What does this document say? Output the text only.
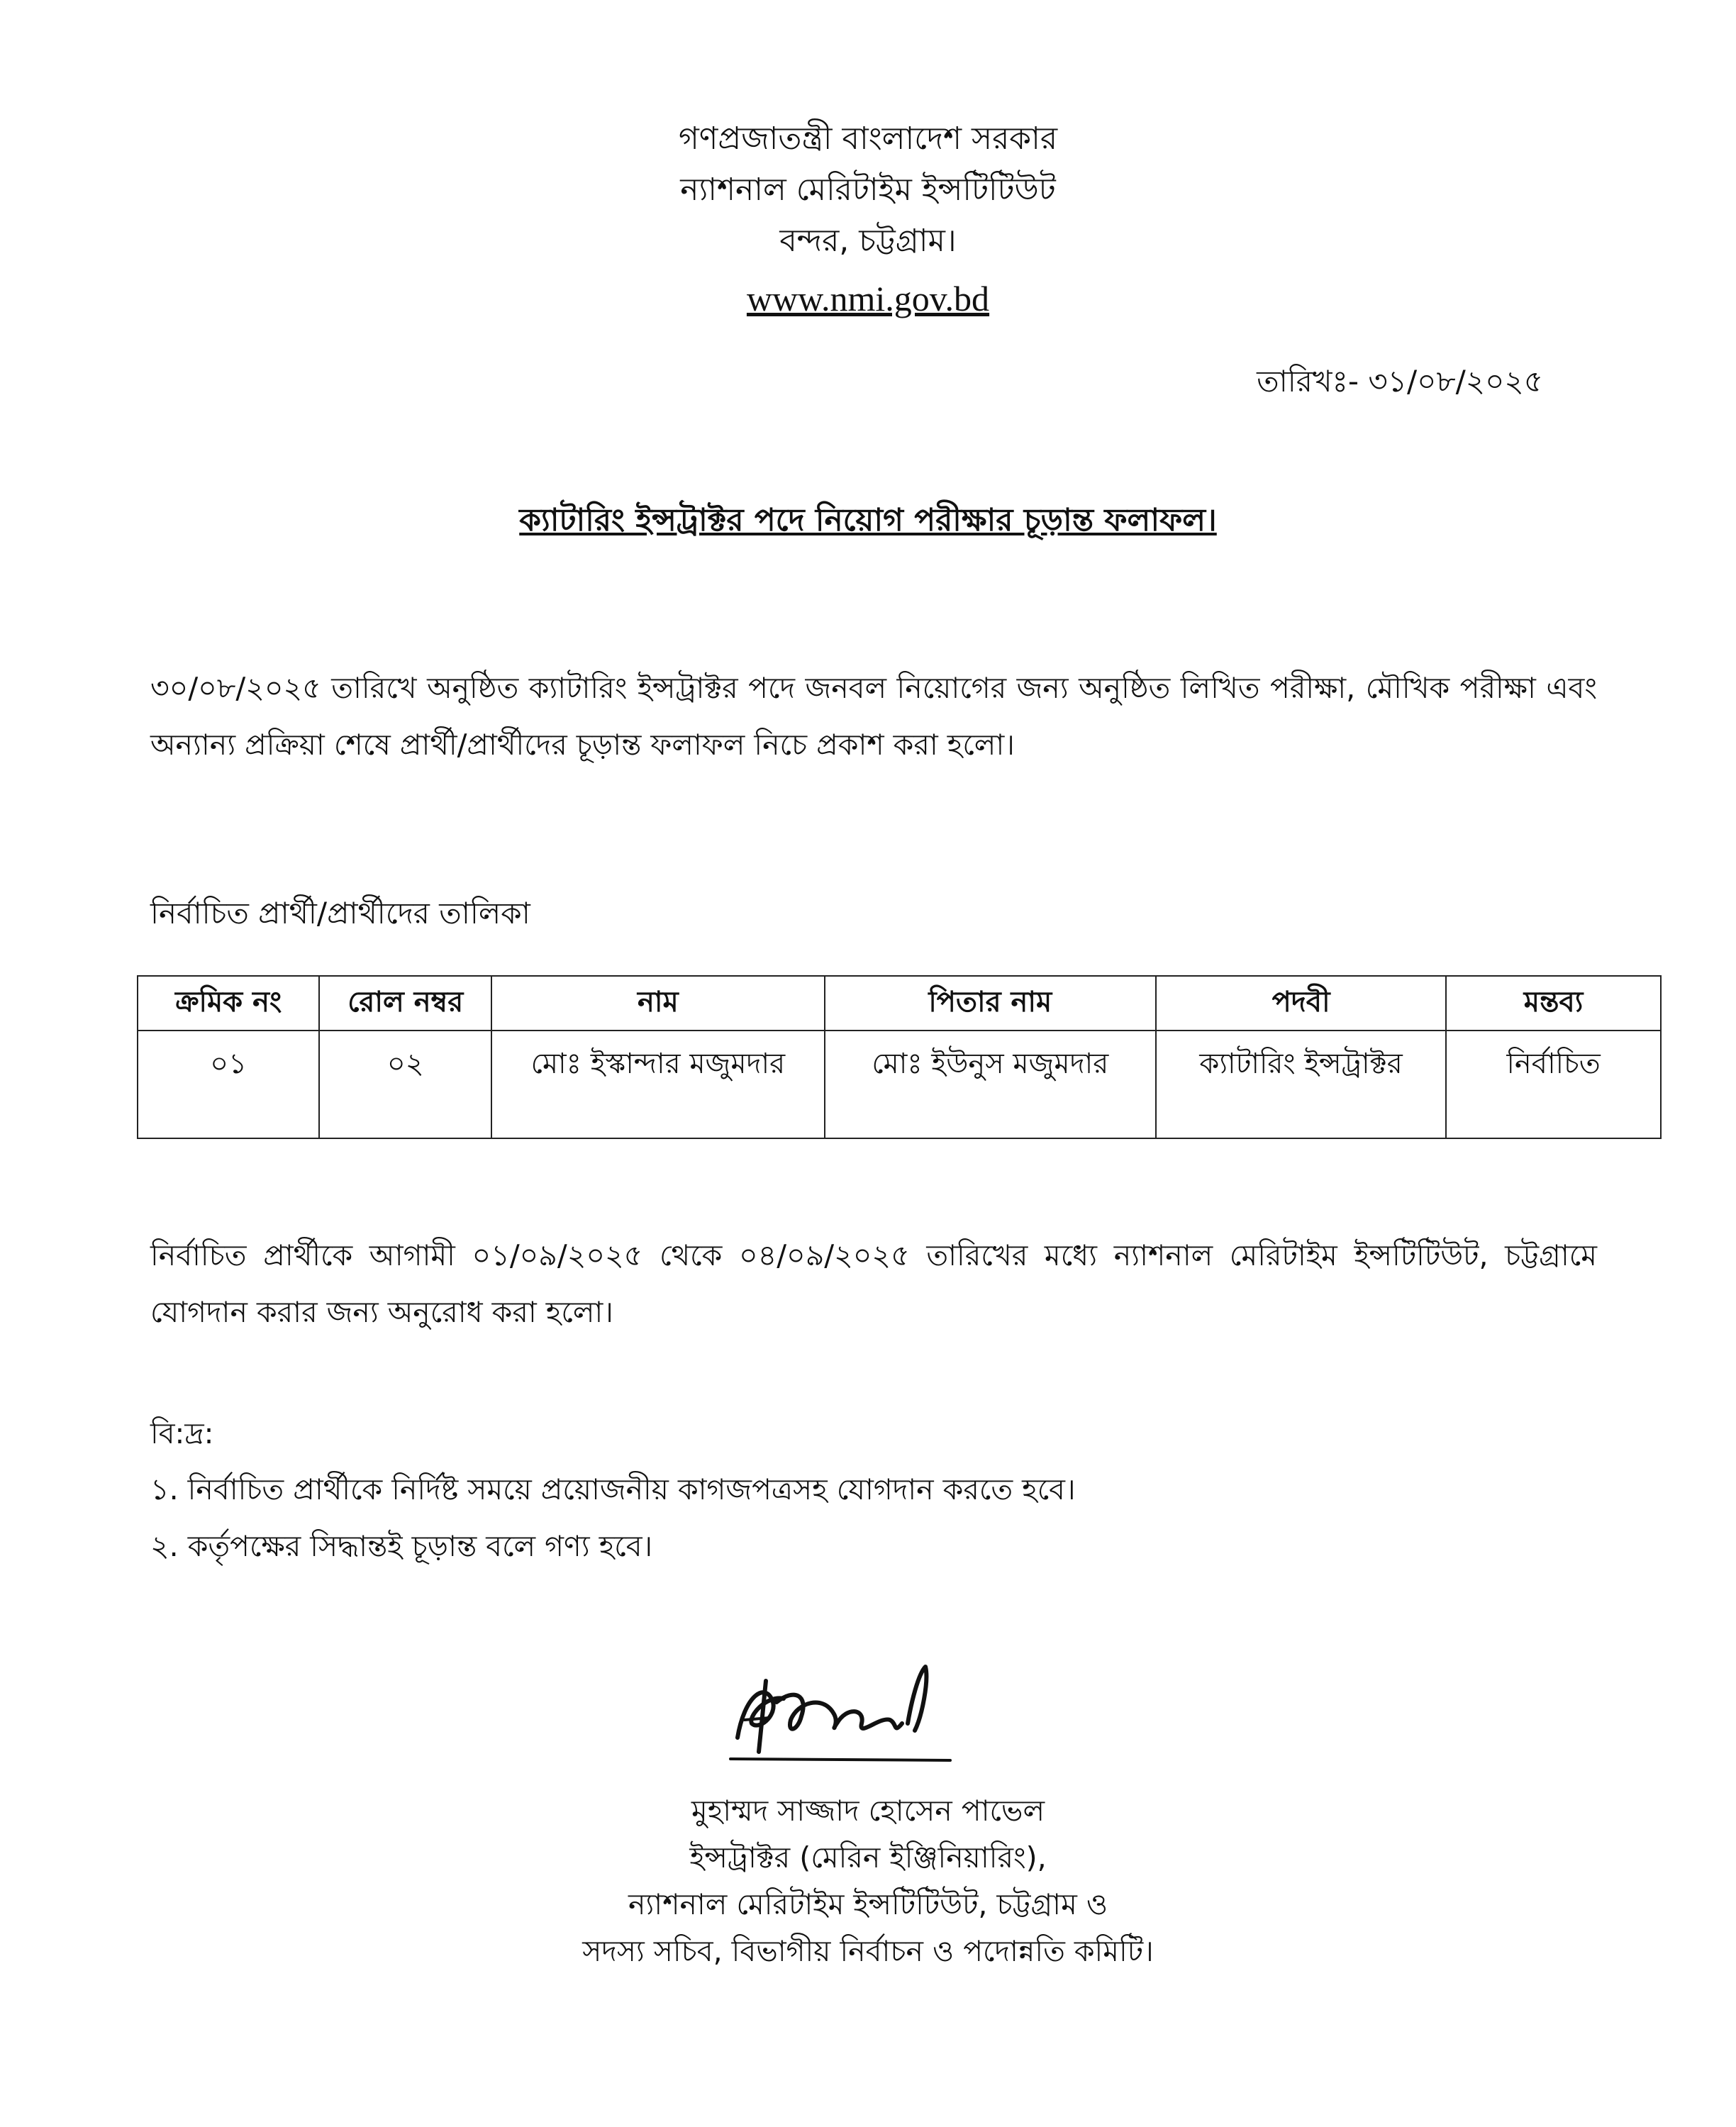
গণপ্রজাতন্ত্রী বাংলাদেশ সরকার
ন্যাশনাল মেরিটাইম ইন্সটিটিউট
বন্দর, চট্টগ্রাম।
www.nmi.gov.bd
তারিখঃ- ৩১/০৮/২০২৫
ক্যাটারিং ইন্সট্রাক্টর পদে নিয়োগ পরীক্ষার চূড়ান্ত ফলাফল।
৩০/০৮/২০২৫ তারিখে অনুষ্ঠিত ক্যাটারিং ইন্সট্রাক্টর পদে জনবল নিয়োগের জন্য অনুষ্ঠিত লিখিত পরীক্ষা, মৌখিক পরীক্ষা এবং অন্যান্য প্রক্রিয়া শেষে প্রার্থী/প্রার্থীদের চূড়ান্ত ফলাফল নিচে প্রকাশ করা হলো।
নির্বাচিত প্রার্থী/প্রার্থীদের তালিকা
ক্রমিক নং	রোল নম্বর	নাম	পিতার নাম	পদবী	মন্তব্য
০১	০২	মোঃ ইস্কান্দার মজুমদার	মোঃ ইউনুস মজুমদার	ক্যাটারিং ইন্সট্রাক্টর	নির্বাচিত
নির্বাচিত প্রার্থীকে আগামী ০১/০৯/২০২৫ থেকে ০৪/০৯/২০২৫ তারিখের মধ্যে ন্যাশনাল মেরিটাইম ইন্সটিটিউট, চট্টগ্রামে যোগদান করার জন্য অনুরোধ করা হলো।
বি:দ্র:
১. নির্বাচিত প্রার্থীকে নির্দিষ্ট সময়ে প্রয়োজনীয় কাগজপত্রসহ যোগদান করতে হবে।
২. কর্তৃপক্ষের সিদ্ধান্তই চূড়ান্ত বলে গণ্য হবে।
মুহাম্মদ সাজ্জাদ হোসেন পাভেল
ইন্সট্রাক্টর (মেরিন ইঞ্জিনিয়ারিং),
ন্যাশনাল মেরিটাইম ইন্সটিটিউট, চট্টগ্রাম ও
সদস্য সচিব, বিভাগীয় নির্বাচন ও পদোন্নতি কমিটি।
